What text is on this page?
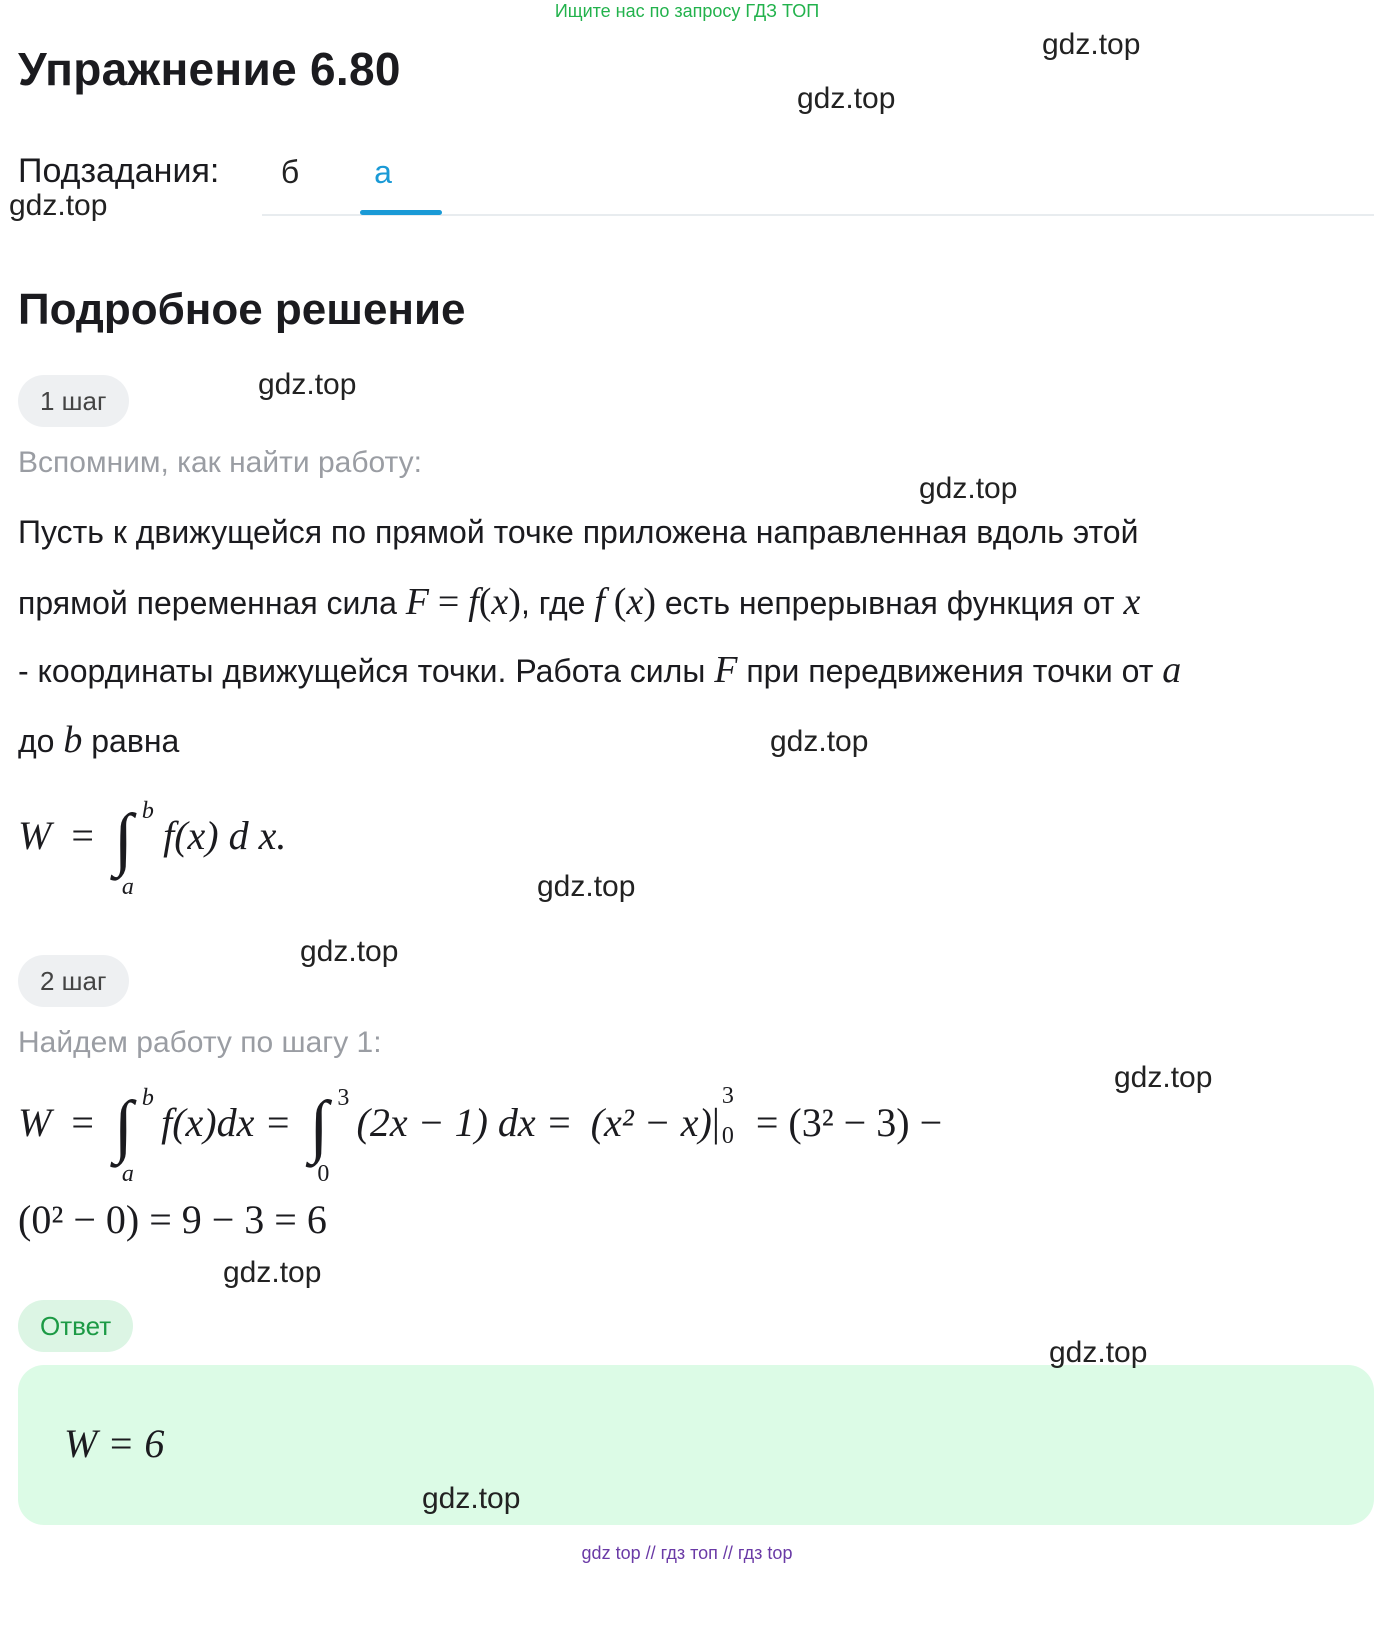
Ищите нас по запросу ГДЗ ТОП
Упражнение 6.80	gdz.top
gdz.top
Подзадания:
gdz.top
б	а
Подробное решение
1 шаг	gdz.top
Вспомним, как найти работу:
gdz.top
Пусть к движущейся по прямой точке приложена направленная вдоль этой
прямой переменная сила F = f(x), где f (x) есть непрерывная функция от x
- координаты движущейся точки. Работа силы F при передвижения точки от a
до b равна	gdz.top
W = ∫ b
a
f(x) d x.
gdz.top
gdz.top
2 шаг
Найдем работу по шагу 1:
gdz.top
W = ∫ b
a
f(x)dx = ∫ 3
0
(2x − 1) dx = (x² − x)|
3
0 = (3² − 3) −
(0² − 0) = 9 − 3 = 6
gdz.top
Ответ
gdz.top
W = 6
gdz.top
gdz top // гдз топ // гдз top
